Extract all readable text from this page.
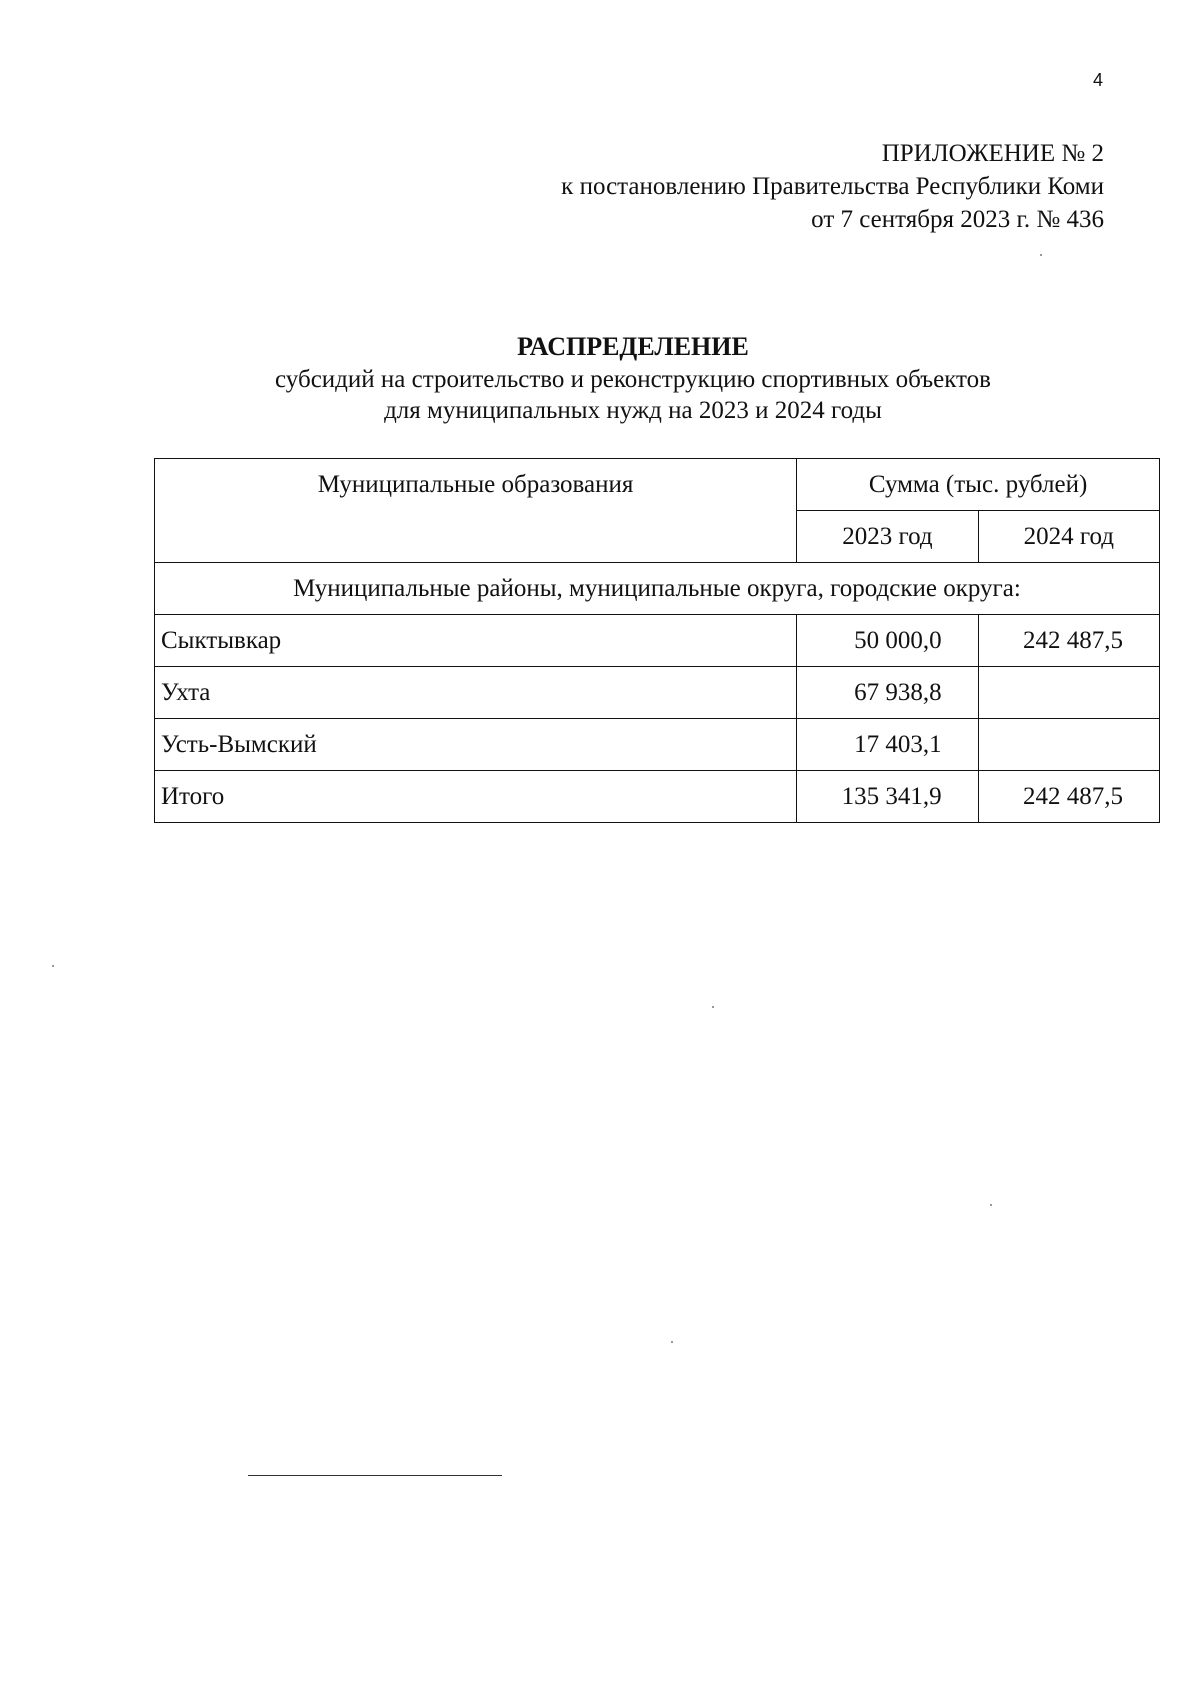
4
ПРИЛОЖЕНИЕ № 2
к постановлению Правительства Республики Коми
от 7 сентября 2023 г. № 436
РАСПРЕДЕЛЕНИЕ
субсидий на строительство и реконструкцию спортивных объектов
для муниципальных нужд на 2023 и 2024 годы
Муниципальные образования	Сумма (тыс. рублей)	
	2023 год	2024 год
Муниципальные районы, муниципальные округа, городские округа:		
Сыктывкар	50 000,0	242 487,5
Ухта	67 938,8	
Усть-Вымский	17 403,1	
Итого	135 341,9	242 487,5
